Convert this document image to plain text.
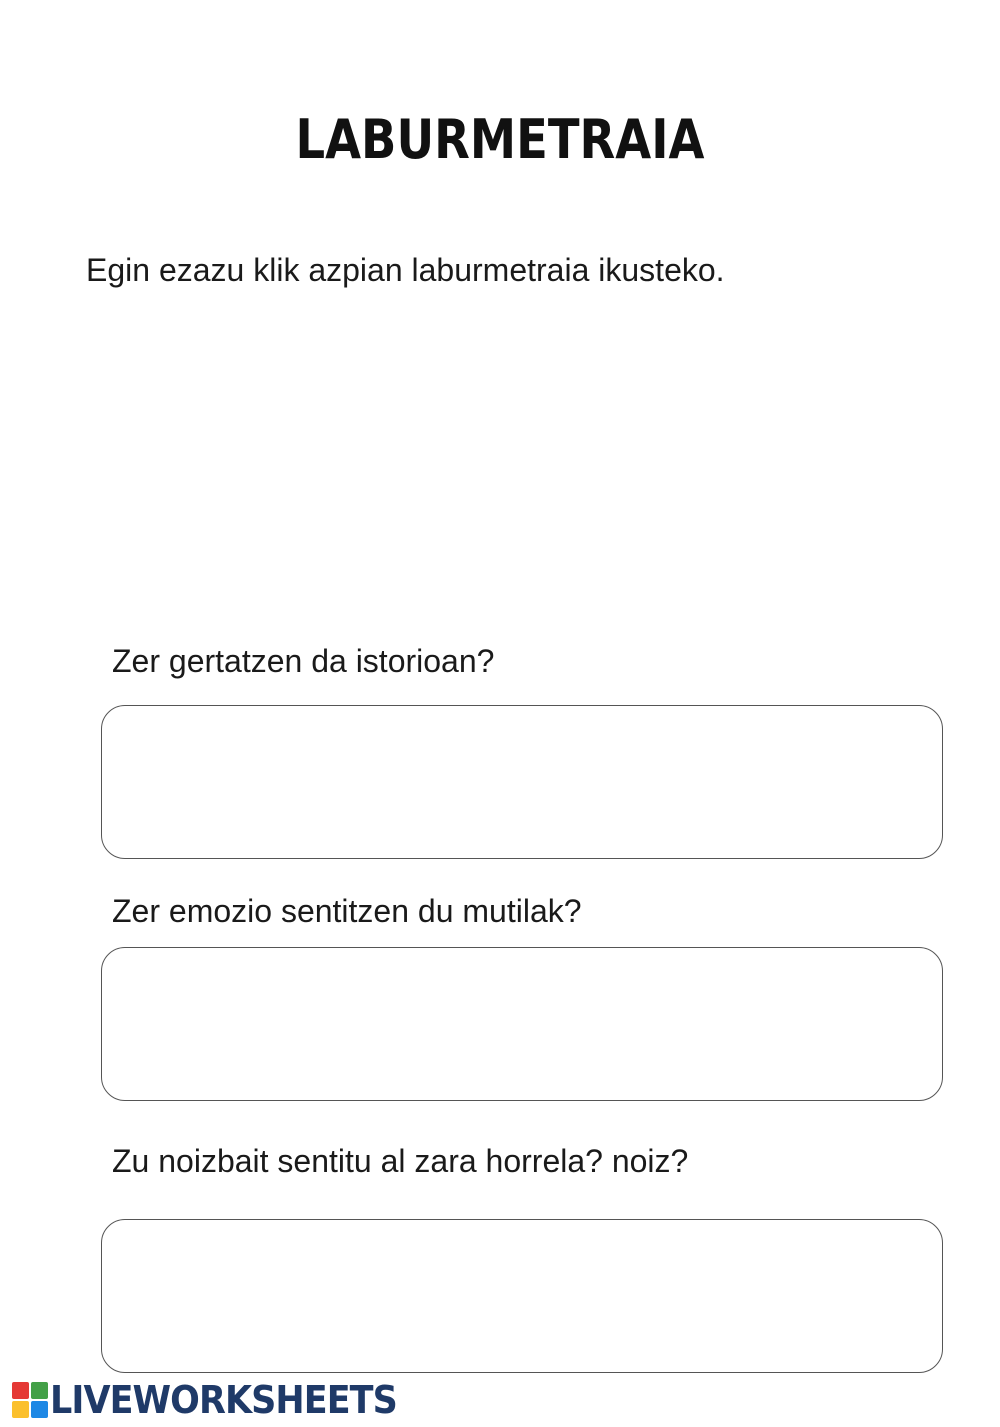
LABURMETRAIA
Egin ezazu klik azpian laburmetraia ikusteko.
Zer gertatzen da istorioan?
Zer emozio sentitzen du mutilak?
Zu noizbait sentitu al zara horrela? noiz?
LIVEWORKSHEETS
